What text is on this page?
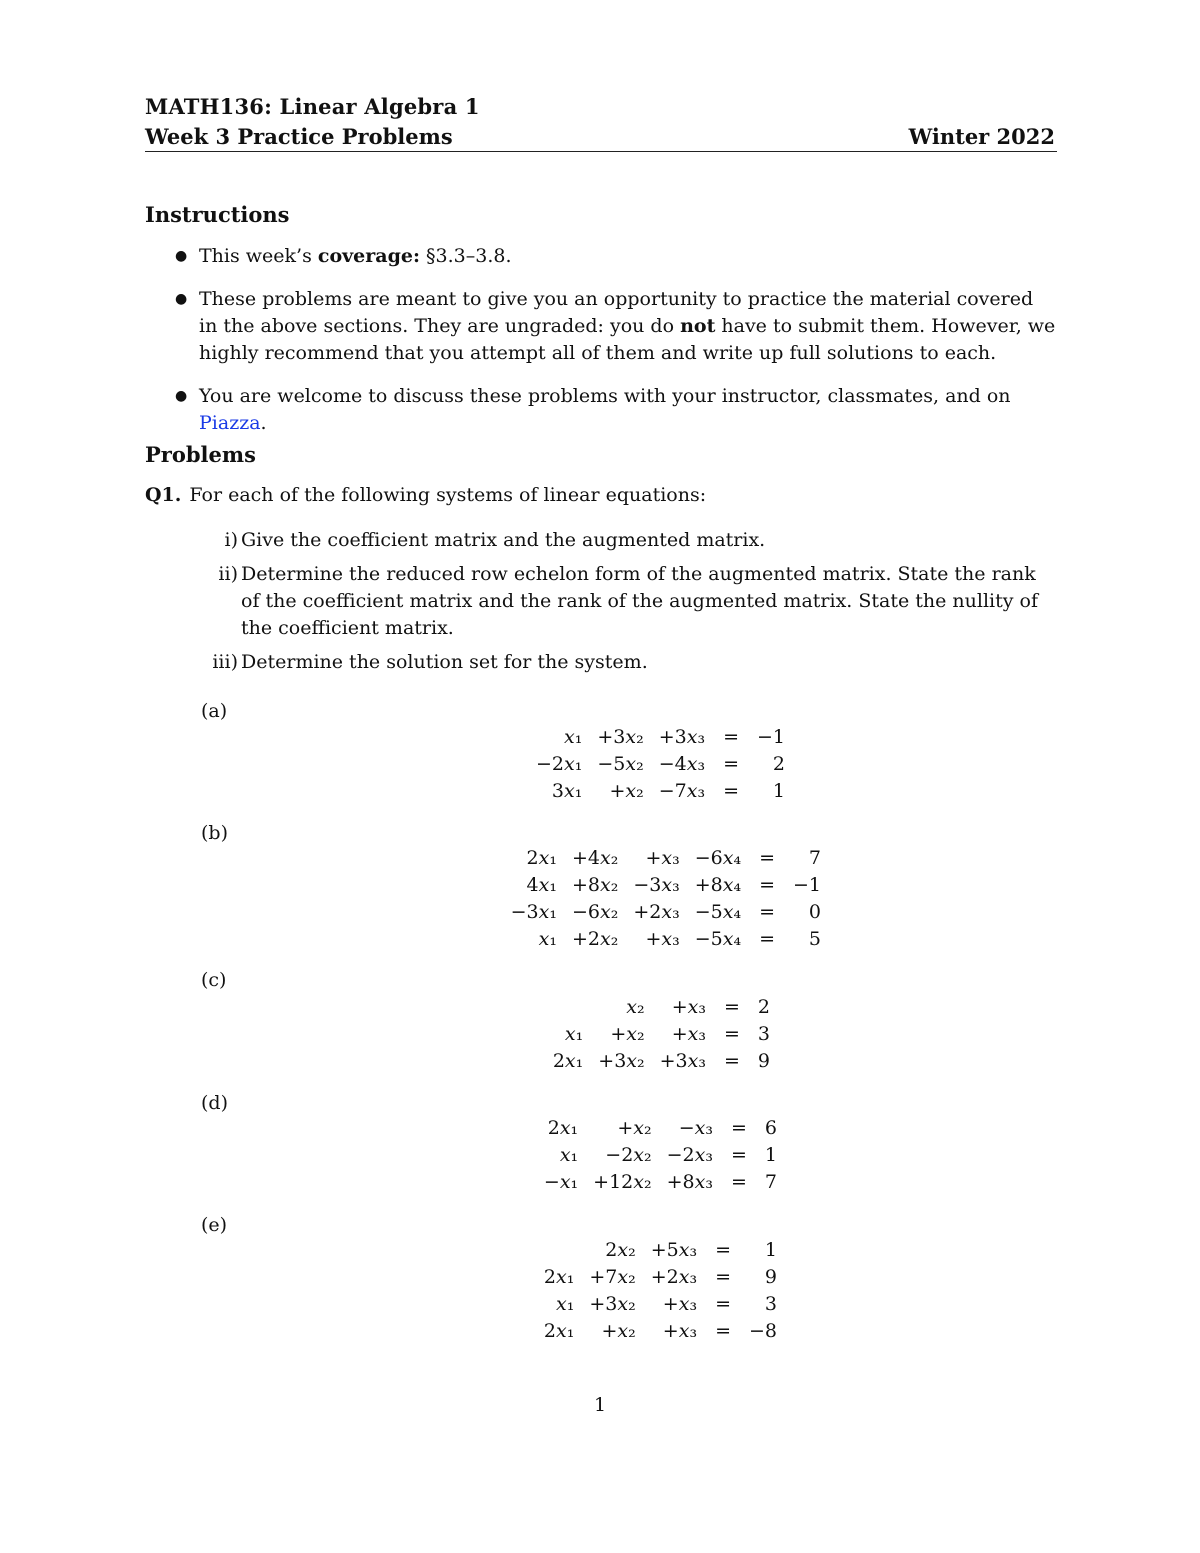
MATH136: Linear Algebra 1
Week 3 Practice Problems	Winter 2022
Instructions
● This week’s coverage: §3.3–3.8.
● These problems are meant to give you an opportunity to practice the material covered in the above sections. They are ungraded: you do not have to submit them. However, we highly recommend that you attempt all of them and write up full solutions to each.
● You are welcome to discuss these problems with your instructor, classmates, and on Piazza.
Problems
Q1. For each of the following systems of linear equations:
i) Give the coefficient matrix and the augmented matrix.
ii) Determine the reduced row echelon form of the augmented matrix. State the rank of the coefficient matrix and the rank of the augmented matrix. State the nullity of the coefficient matrix.
iii) Determine the solution set for the system.
(a)
x₁	+3x₂	+3x₃	=	−1
−2x₁	−5x₂	−4x₃	=	2
3x₁	+x₂	−7x₃	=	1
(b)
2x₁	+4x₂	+x₃	−6x₄	=	7
4x₁	+8x₂	−3x₃	+8x₄	=	−1
−3x₁	−6x₂	+2x₃	−5x₄	=	0
x₁	+2x₂	+x₃	−5x₄	=	5
(c)
	x₂	+x₃	=	2
x₁	+x₂	+x₃	=	3
2x₁	+3x₂	+3x₃	=	9
(d)
2x₁	+x₂	−x₃	=	6
x₁	−2x₂	−2x₃	=	1
−x₁	+12x₂	+8x₃	=	7
(e)
	2x₂	+5x₃	=	1
2x₁	+7x₂	+2x₃	=	9
x₁	+3x₂	+x₃	=	3
2x₁	+x₂	+x₃	=	−8
1
